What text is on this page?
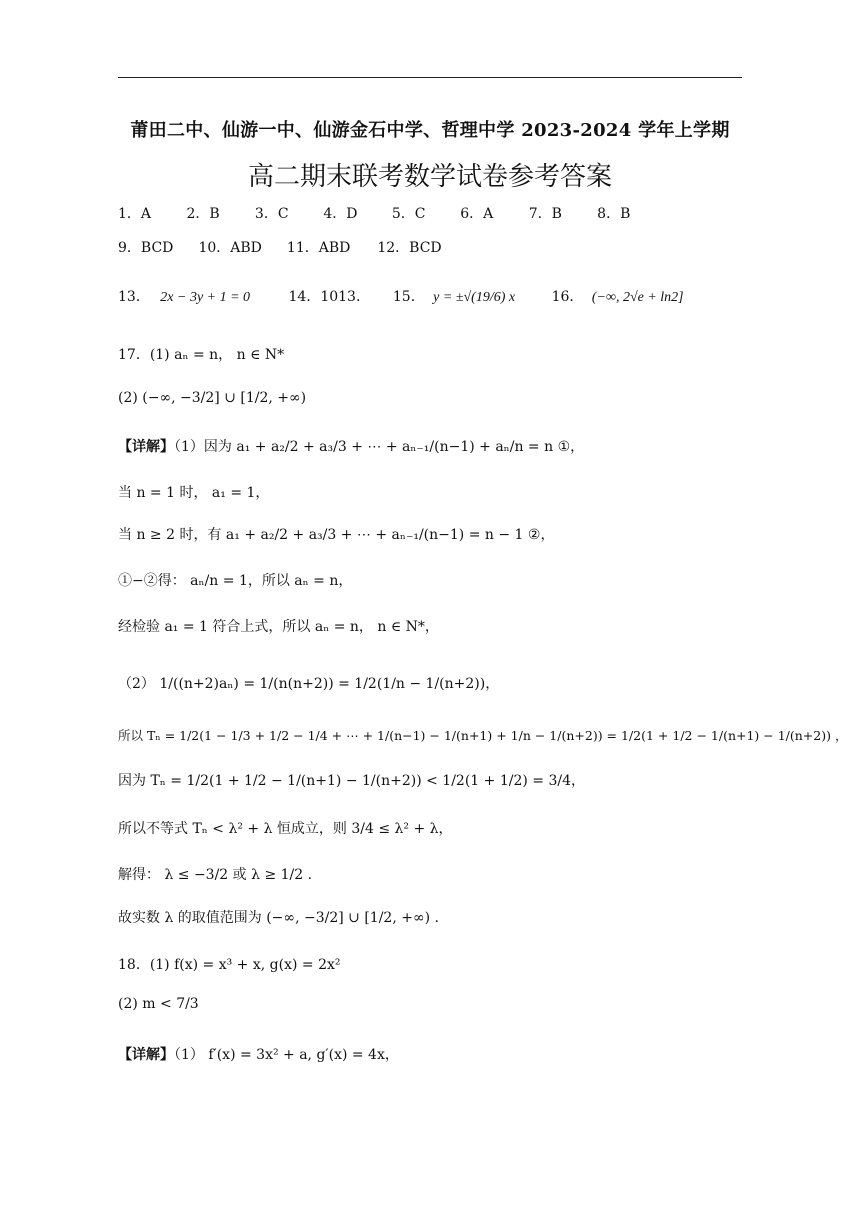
莆田二中、仙游一中、仙游金石中学、哲理中学 2023-2024 学年上学期
高二期末联考数学试卷参考答案
1．A	2．B	3．C 4．D 5．C 6．A	7．B	8．B
9．BCD 10．ABD 11．ABD 12．BCD
13． 2x − 3y + 1 = 0	14．1013. 15． y = ±√(19/6) x	16． (−∞, 2√e + ln2]
17．(1) aₙ = n， n ∈ N*
(2) (−∞, −3/2] ∪ [1/2, +∞)
【详解】（1）因为 a₁ + a₂/2 + a₃/3 + ⋯ + aₙ₋₁/(n−1) + aₙ/n = n ①，
当 n = 1 时， a₁ = 1，
当 n ≥ 2 时，有 a₁ + a₂/2 + a₃/3 + ⋯ + aₙ₋₁/(n−1) = n − 1 ②，
①−②得： aₙ/n = 1，所以 aₙ = n，
经检验 a₁ = 1 符合上式，所以 aₙ = n， n ∈ N*，
（2） 1/((n+2)aₙ) = 1/(n(n+2)) = 1/2(1/n − 1/(n+2))，
所以 Tₙ = 1/2(1 − 1/3 + 1/2 − 1/4 + ⋯ + 1/(n−1) − 1/(n+1) + 1/n − 1/(n+2)) = 1/2(1 + 1/2 − 1/(n+1) − 1/(n+2)) ，
因为 Tₙ = 1/2(1 + 1/2 − 1/(n+1) − 1/(n+2)) < 1/2(1 + 1/2) = 3/4，
所以不等式 Tₙ < λ² + λ 恒成立，则 3/4 ≤ λ² + λ，
解得： λ ≤ −3/2 或 λ ≥ 1/2 .
故实数 λ 的取值范围为 (−∞, −3/2] ∪ [1/2, +∞) .
18．(1) f(x) = x³ + x, g(x) = 2x²
(2) m < 7/3
【详解】（1） f′(x) = 3x² + a, g′(x) = 4x，
